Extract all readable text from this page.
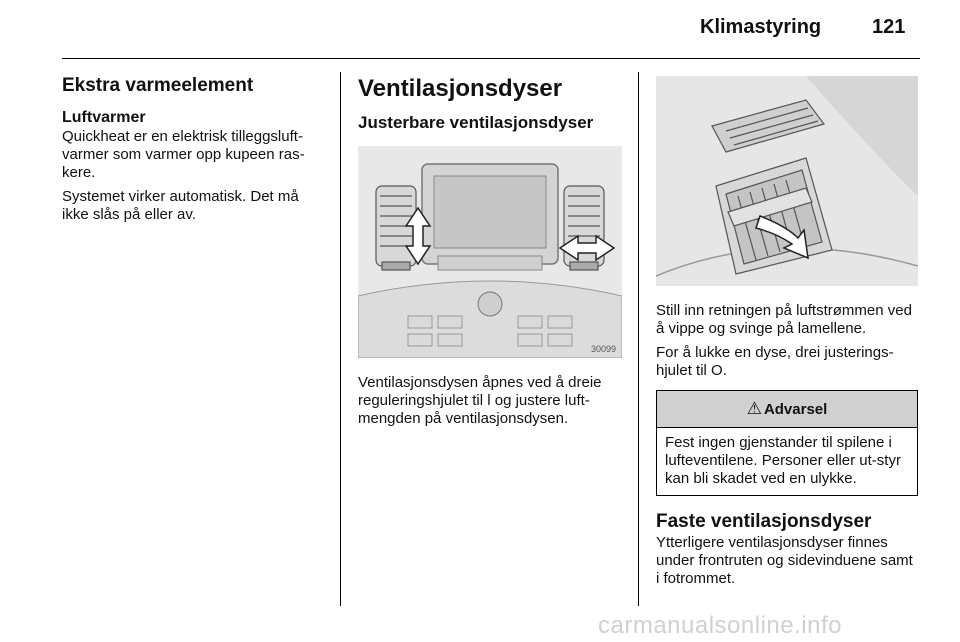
Klimastyring	121
Ekstra varmeelement
Luftvarmer

Quickheat er en elektrisk tilleggsluft-varmer som varmer opp kupeen ras-kere.

Systemet virker automatisk. Det må ikke slås på eller av.

Ventilasjonsdyser
Justerbare ventilasjonsdyser
30099

Ventilasjonsdysen åpnes ved å dreie reguleringshjulet til l og justere luft-mengden på ventilasjonsdysen.

Still inn retningen på luftstrømmen ved å vippe og svinge på lamellene.

For å lukke en dyse, drei justerings-hjulet til O.

⚠ Advarsel
Fest ingen gjenstander til spilene i lufteventilene. Personer eller ut-styr kan bli skadet ved en ulykke.
Faste ventilasjonsdyser

Ytterligere ventilasjonsdyser finnes under frontruten og sidevinduene samt i fotrommet.

carmanualsonline.info
